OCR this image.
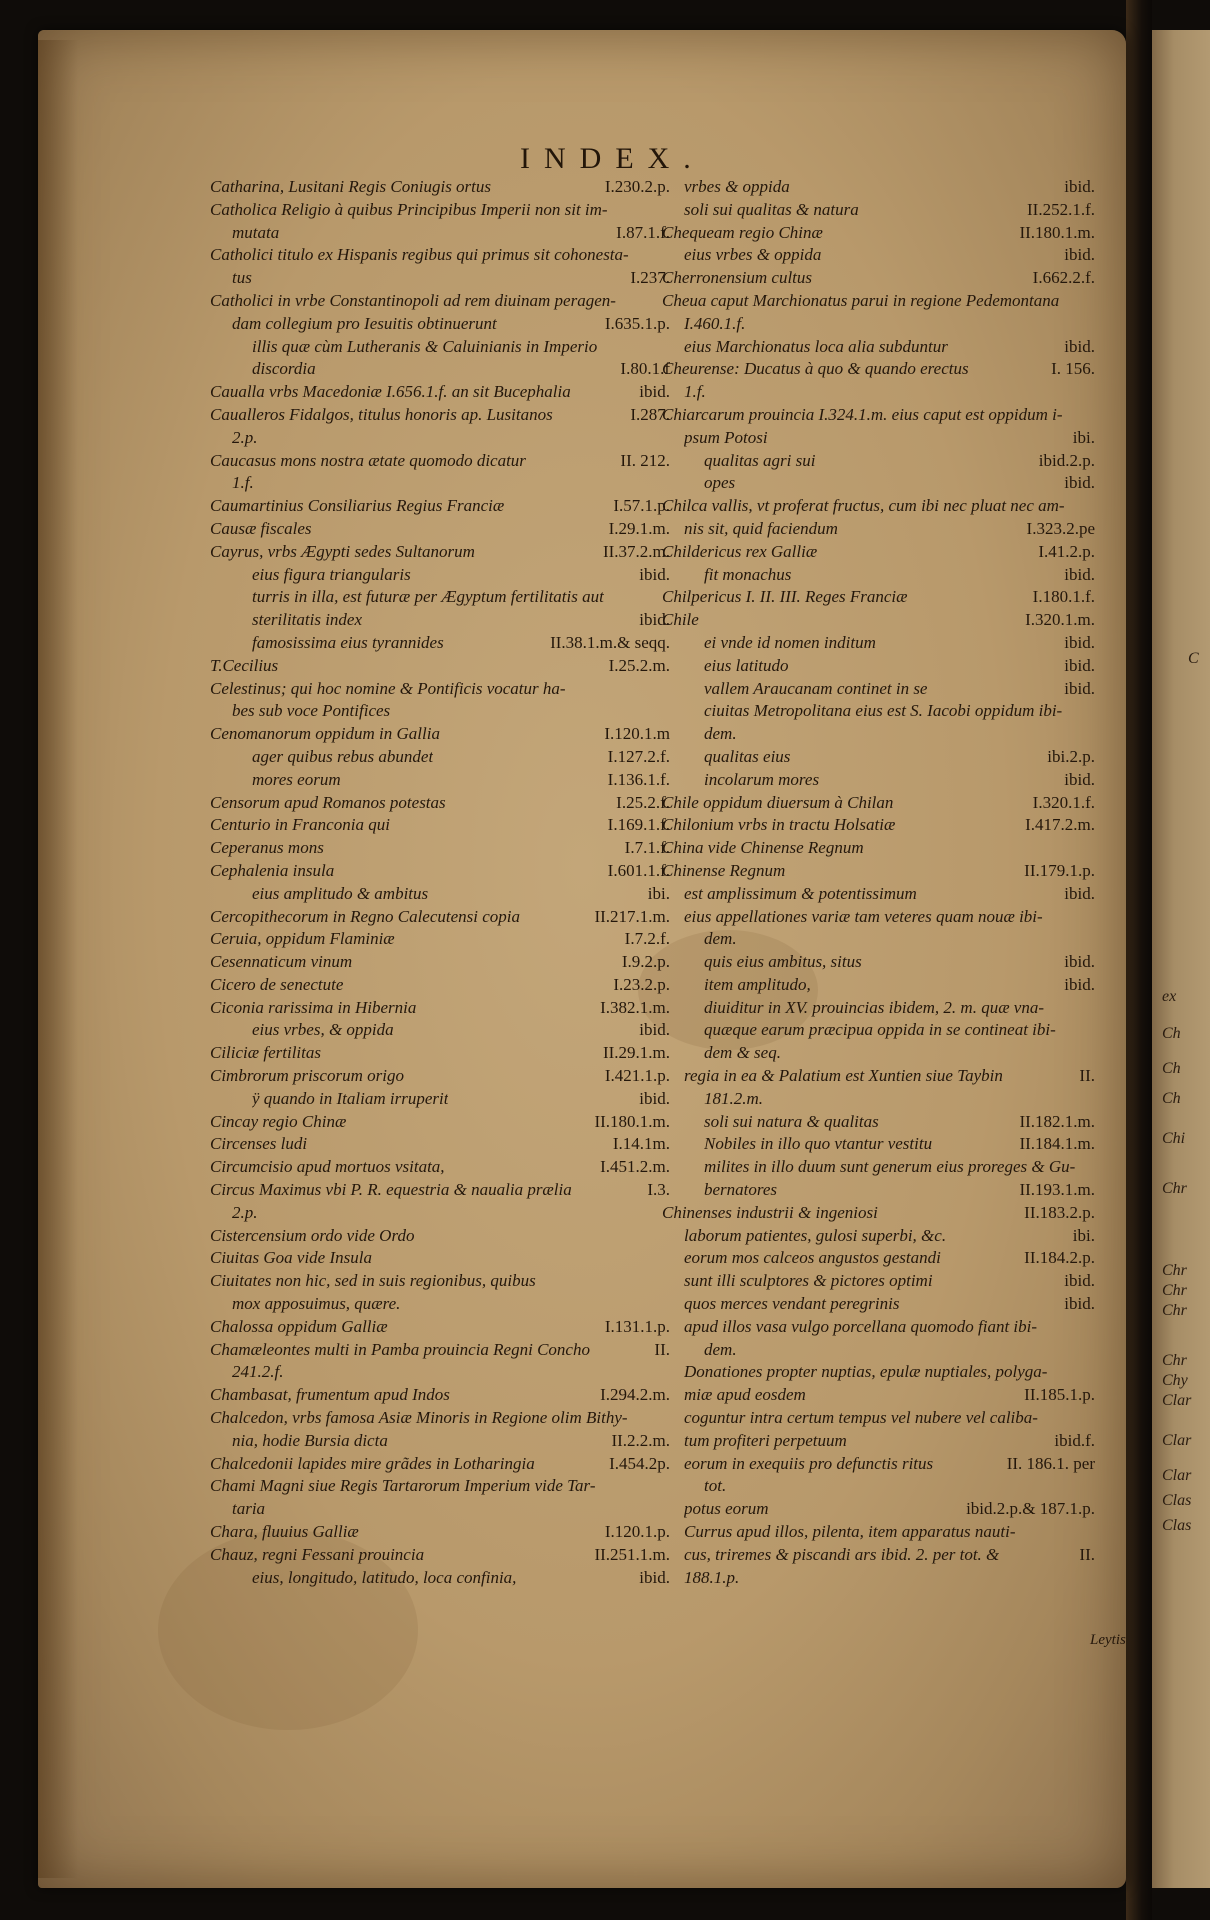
C
ex
Ch
Ch
Ch
Chi
Chr
Chr
Chr
Chr
Chr
Chy
Clar
Clar
Clar
Clas
Clas
INDEX.
Catharina, Lusitani Regis Coniugis ortus	I.230.2.p.
Catholica Religio à quibus Principibus Imperii non sit im-
mutata	I.87.1.f.
Catholici titulo ex Hispanis regibus qui primus sit cohonesta-
tus	I.237.
Catholici in vrbe Constantinopoli ad rem diuinam peragen-
dam collegium pro Iesuitis obtinuerunt	I.635.1.p.
illis quæ cùm Lutheranis & Caluinianis in Imperio
discordia	I.80.1.f
Caualla vrbs Macedoniæ I.656.1.f. an sit Bucephalia	ibid.
Caualleros Fidalgos, titulus honoris ap. Lusitanos	I.287.
2.p.
Caucasus mons nostra ætate quomodo dicatur	II. 212.
1.f.
Caumartinius Consiliarius Regius Franciæ	I.57.1.p.
Causæ fiscales	I.29.1.m.
Cayrus, vrbs Ægypti sedes Sultanorum	II.37.2.m.
eius figura triangularis	ibid.
turris in illa, est futuræ per Ægyptum fertilitatis aut
sterilitatis index	ibid.
famosissima eius tyrannides	II.38.1.m.& seqq.
T.Cecilius	I.25.2.m.
Celestinus; qui hoc nomine & Pontificis vocatur ha-
bes sub voce Pontifices
Cenomanorum oppidum in Gallia	I.120.1.m
ager quibus rebus abundet	I.127.2.f.
mores eorum	I.136.1.f.
Censorum apud Romanos potestas	I.25.2.f.
Centurio in Franconia qui	I.169.1.f.
Ceperanus mons	I.7.1.f.
Cephalenia insula	I.601.1.f.
eius amplitudo & ambitus	ibi.
Cercopithecorum in Regno Calecutensi copia	II.217.1.m.
Ceruia, oppidum Flaminiæ	I.7.2.f.
Cesennaticum vinum	I.9.2.p.
Cicero de senectute	I.23.2.p.
Ciconia rarissima in Hibernia	I.382.1.m.
eius vrbes, & oppida	ibid.
Ciliciæ fertilitas	II.29.1.m.
Cimbrorum priscorum origo	I.421.1.p.
ÿ quando in Italiam irruperit	ibid.
Cincay regio Chinæ	II.180.1.m.
Circenses ludi	I.14.1m.
Circumcisio apud mortuos vsitata,	I.451.2.m.
Circus Maximus vbi P. R. equestria & naualia prælia	I.3.
2.p.
Cistercensium ordo vide Ordo
Ciuitas Goa vide Insula
Ciuitates non hic, sed in suis regionibus, quibus
mox apposuimus, quære.
Chalossa oppidum Galliæ	I.131.1.p.
Chamæleontes multi in Pamba prouincia Regni Concho	II.
241.2.f.
Chambasat, frumentum apud Indos	I.294.2.m.
Chalcedon, vrbs famosa Asiæ Minoris in Regione olim Bithy-
nia, hodie Bursia dicta	II.2.2.m.
Chalcedonii lapides mire grãdes in Lotharingia	I.454.2p.
Chami Magni siue Regis Tartarorum Imperium vide Tar-
taria
Chara, fluuius Galliæ	I.120.1.p.
Chauz, regni Fessani prouincia	II.251.1.m.
eius, longitudo, latitudo, loca confinia,	ibid.
vrbes & oppida	ibid.
soli sui qualitas & natura	II.252.1.f.
Chequeam regio Chinæ	II.180.1.m.
eius vrbes & oppida	ibid.
Cherronensium cultus	I.662.2.f.
Cheua caput Marchionatus parui in regione Pedemontana
I.460.1.f.
eius Marchionatus loca alia subduntur	ibid.
Cheurense: Ducatus à quo & quando erectus	I. 156.
1.f.
Chiarcarum prouincia I.324.1.m. eius caput est oppidum i-
psum Potosi	ibi.
qualitas agri sui	ibid.2.p.
opes	ibid.
Chilca vallis, vt proferat fructus, cum ibi nec pluat nec am-
nis sit, quid faciendum	I.323.2.pe
Childericus rex Galliæ	I.41.2.p.
fit monachus	ibid.
Chilpericus I. II. III. Reges Franciæ	I.180.1.f.
Chile	I.320.1.m.
ei vnde id nomen inditum	ibid.
eius latitudo	ibid.
vallem Araucanam continet in se	ibid.
ciuitas Metropolitana eius est S. Iacobi oppidum ibi-
dem.
qualitas eius	ibi.2.p.
incolarum mores	ibid.
Chile oppidum diuersum à Chilan	I.320.1.f.
Chilonium vrbs in tractu Holsatiæ	I.417.2.m.
China vide Chinense Regnum
Chinense Regnum	II.179.1.p.
est amplissimum & potentissimum	ibid.
eius appellationes variæ tam veteres quam nouæ ibi-
dem.
quis eius ambitus, situs	ibid.
item amplitudo,	ibid.
diuiditur in XV. prouincias ibidem, 2. m. quæ vna-
quæque earum præcipua oppida in se contineat ibi-
dem & seq.
regia in ea & Palatium est Xuntien siue Taybin	II.
181.2.m.
soli sui natura & qualitas	II.182.1.m.
Nobiles in illo quo vtantur vestitu	II.184.1.m.
milites in illo duum sunt generum eius proreges & Gu-
bernatores	II.193.1.m.
Chinenses industrii & ingeniosi	II.183.2.p.
laborum patientes, gulosi superbi, &c.	ibi.
eorum mos calceos angustos gestandi	II.184.2.p.
sunt illi sculptores & pictores optimi	ibid.
quos merces vendant peregrinis	ibid.
apud illos vasa vulgo porcellana quomodo fiant ibi-
dem.
Donationes propter nuptias, epulæ nuptiales, polyga-
miæ apud eosdem	II.185.1.p.
coguntur intra certum tempus vel nubere vel caliba-
tum profiteri perpetuum	ibid.f.
eorum in exequiis pro defunctis ritus	II. 186.1. per
tot.
potus eorum	ibid.2.p.& 187.1.p.
Currus apud illos, pilenta, item apparatus nauti-
cus, triremes & piscandi ars ibid. 2. per tot. &	II.
188.1.p.
Leytis
